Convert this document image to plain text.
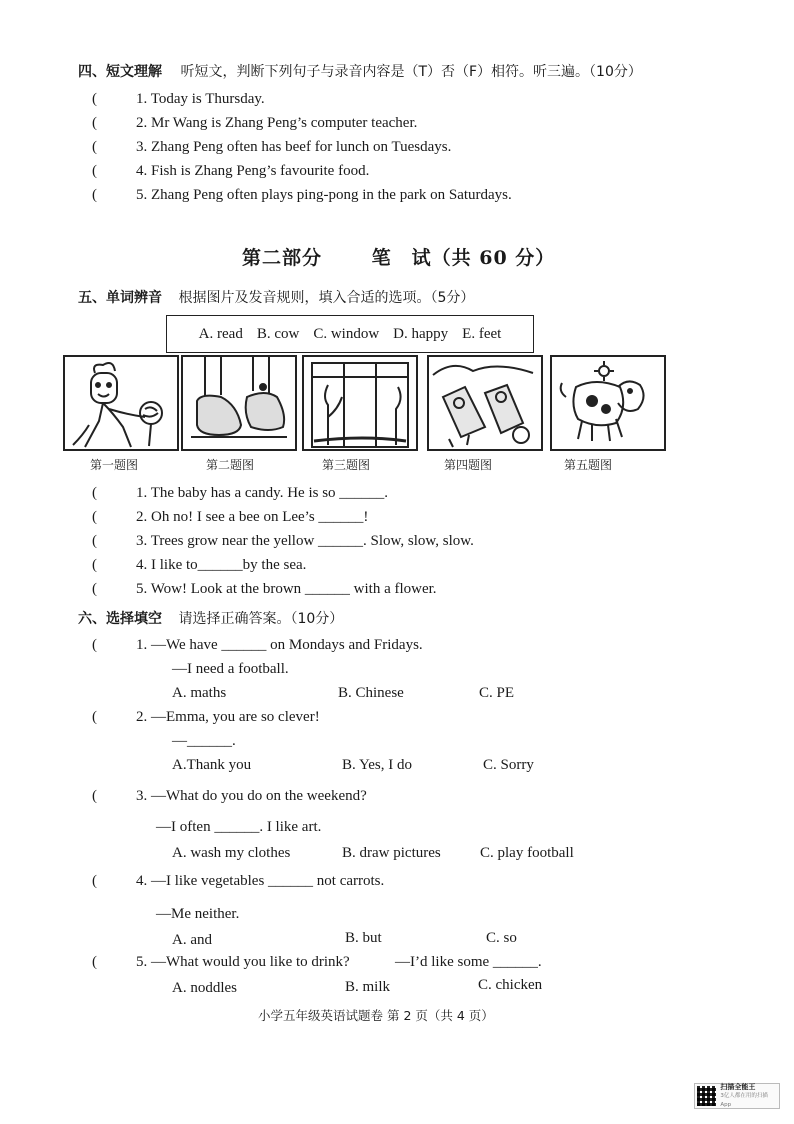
四、短文理解 听短文，判断下列句子与录音内容是（T）否（F）相符。听三遍。（10分）
(   1. Today is Thursday.
(   2. Mr Wang is Zhang Peng’s computer teacher.
(   3. Zhang Peng often has beef for lunch on Tuesdays.
(   4. Fish is Zhang Peng’s favourite food.
(   5. Zhang Peng often plays ping-pong in the park on Saturdays.
第二部分	笔　试（共 60 分）
五、单词辨音 根据图片及发音规则，填入合适的选项。（5分）
A. read B. cow C. window D. happy E. feet
第一题图	第二题图	第三题图	第四题图	第五题图
(   1. The baby has a candy. He is so ______.
(   2. Oh no! I see a bee on Lee’s ______!
(   3. Trees grow near the yellow ______. Slow, slow, slow.
(   4. I like to______by the sea.
(   5. Wow! Look at the brown ______ with a flower.
六、选择填空 请选择正确答案。（10分）
(   1. —We have ______ on Mondays and Fridays.
—I need a football.
A. maths	B. Chinese	C. PE
(   2. —Emma, you are so clever!
—______.
A.Thank you	B. Yes, I do	C. Sorry
(   3. —What do you do on the weekend?
—I often ______. I like art.
A. wash my clothes	B. draw pictures	C. play football
(   4. —I like vegetables ______ not carrots.
—Me neither.
A. and	B. but	C. so
(   5. —What would you like to drink?	—I’d like some ______.
A. noddles	B. milk	C. chicken
小学五年级英语试题卷 第 2 页（共 4 页）
扫描全能王
3亿人都在用的扫描App
